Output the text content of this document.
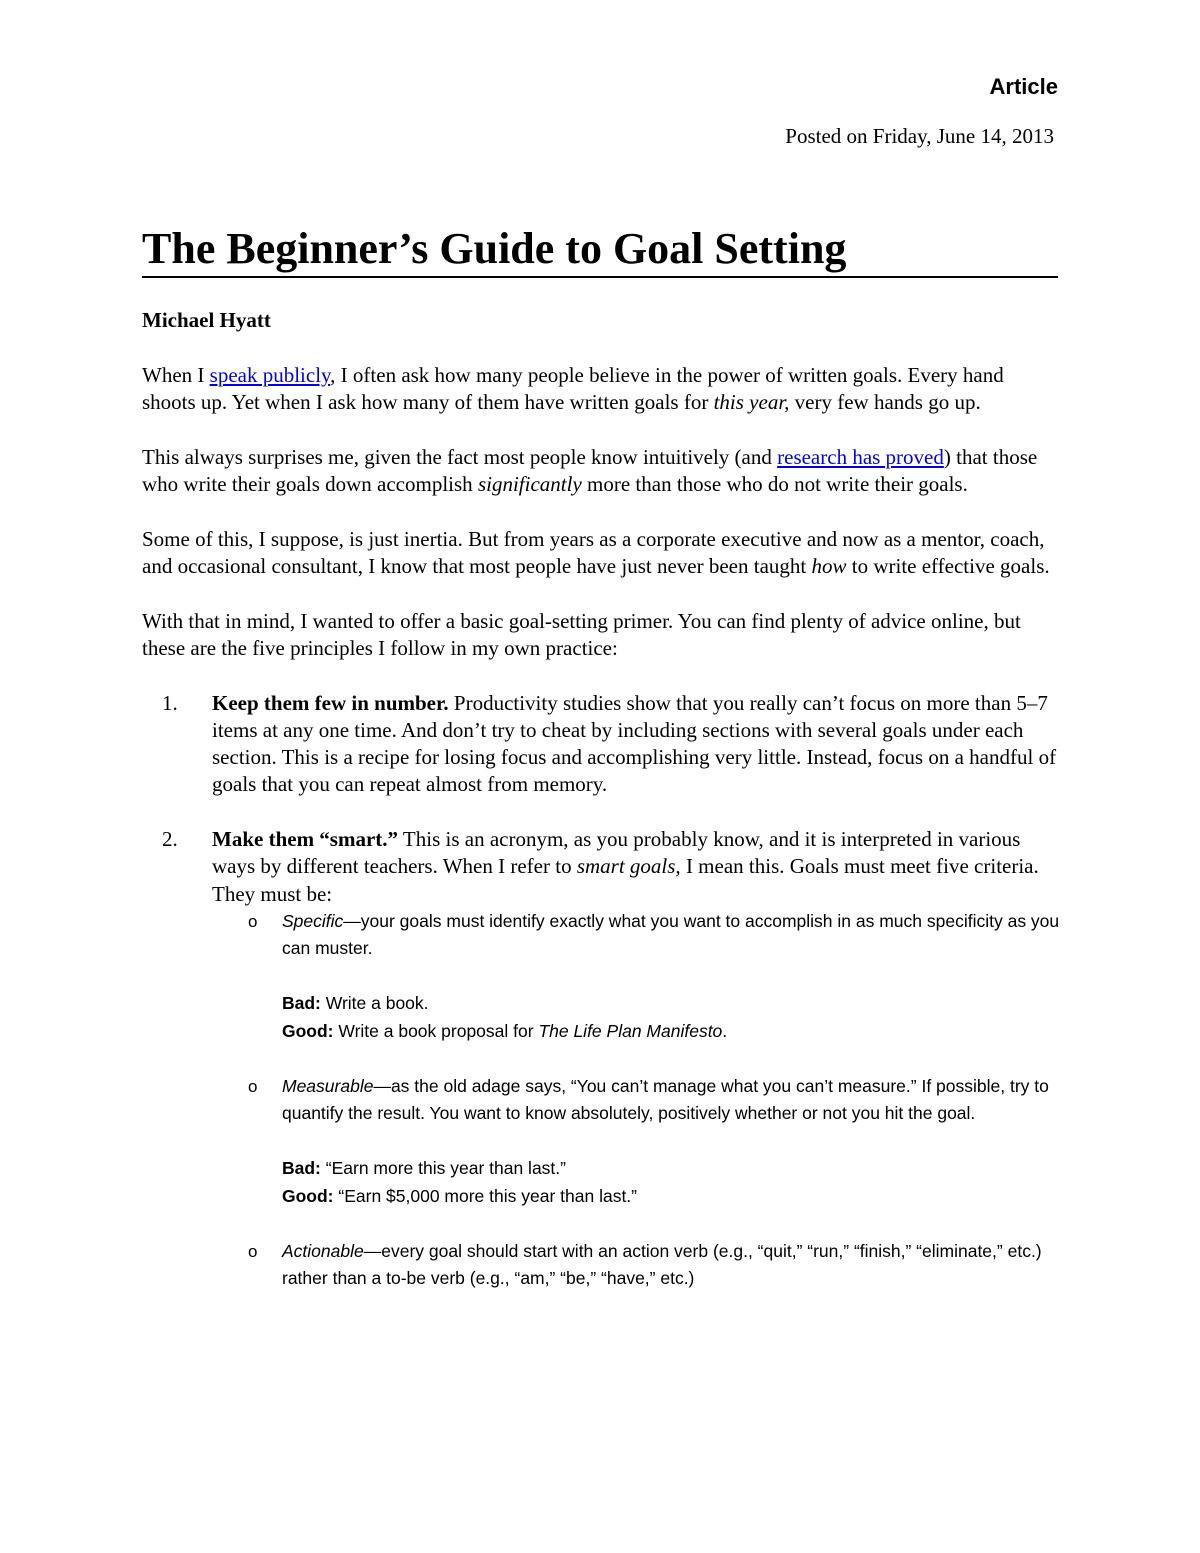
Article
Posted on Friday, June 14, 2013
The Beginner’s Guide to Goal Setting
Michael Hyatt

When I speak publicly, I often ask how many people believe in the power of written goals. Every hand shoots up. Yet when I ask how many of them have written goals for this year, very few hands go up.

This always surprises me, given the fact most people know intuitively (and research has proved) that those who write their goals down accomplish significantly more than those who do not write their goals.

Some of this, I suppose, is just inertia. But from years as a corporate executive and now as a mentor, coach, and occasional consultant, I know that most people have just never been taught how to write effective goals.

With that in mind, I wanted to offer a basic goal-setting primer. You can find plenty of advice online, but these are the five principles I follow in my own practice:

1. Keep them few in number. Productivity studies show that you really can’t focus on more than 5–7 items at any one time. And don’t try to cheat by including sections with several goals under each section. This is a recipe for losing focus and accomplishing very little. Instead, focus on a handful of goals that you can repeat almost from memory.
2. Make them “smart.” This is an acronym, as you probably know, and it is interpreted in various ways by different teachers. When I refer to smart goals, I mean this. Goals must meet five criteria. They must be:
o Specific—your goals must identify exactly what you want to accomplish in as much specificity as you can muster.
Bad: Write a book.
Good: Write a book proposal for The Life Plan Manifesto.
o Measurable—as the old adage says, “You can’t manage what you can’t measure.” If possible, try to quantify the result. You want to know absolutely, positively whether or not you hit the goal.
Bad: “Earn more this year than last.”
Good: “Earn $5,000 more this year than last.”
o Actionable—every goal should start with an action verb (e.g., “quit,” “run,” “finish,” “eliminate,” etc.) rather than a to-be verb (e.g., “am,” “be,” “have,” etc.)
